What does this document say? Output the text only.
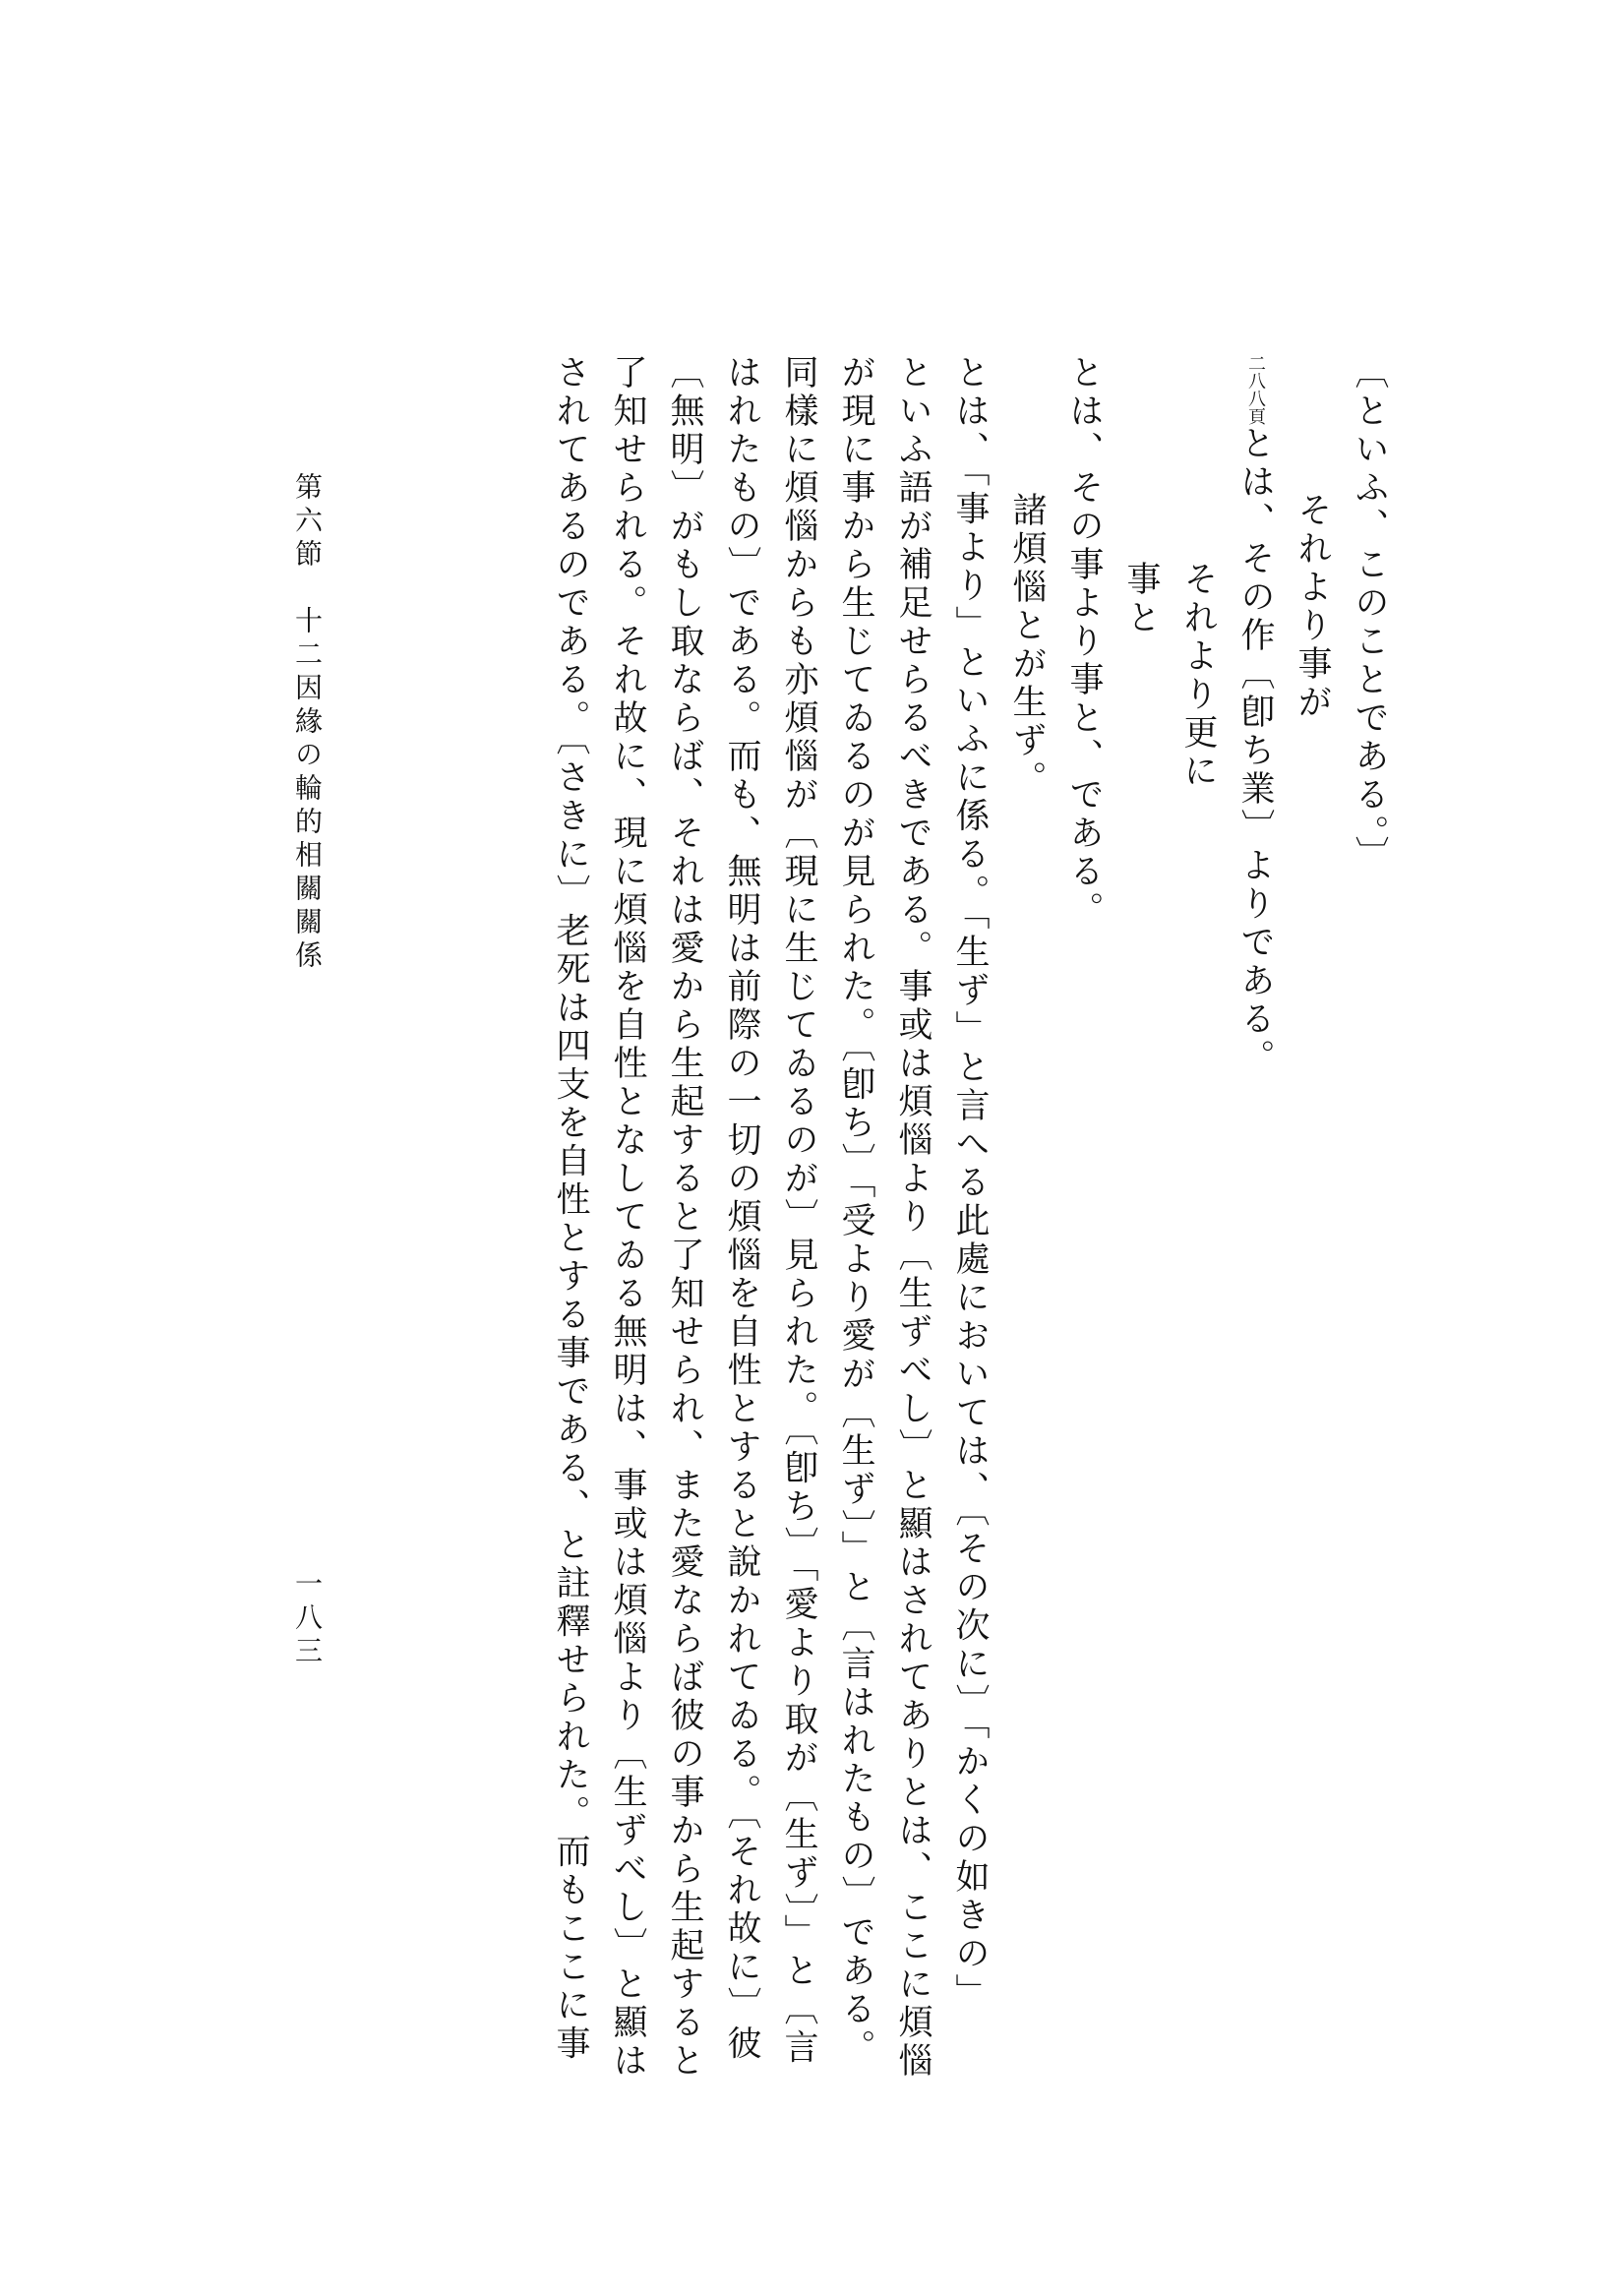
〔といふ、このことである。〕
それより事が
二八八頁とは、その作〔卽ち業〕よりである。
それより更に
事と
とは、その事より事と、である。
諸煩惱とが生ず。
とは、「事より」といふに係る。「生ず」と言へる此處においては、〔その次に〕「かくの如きの」
といふ語が補足せらるべきである。事或は煩惱より〔生ずべし〕と顯はされてありとは、ここに煩惱
が現に事から生じてゐるのが見られた。〔卽ち〕「受より愛が〔生ず〕」と〔言はれたもの〕である。
同樣に煩惱からも亦煩惱が〔現に生じてゐるのが〕見られた。〔卽ち〕「愛より取が〔生ず〕」と〔言
はれたもの〕である。而も、無明は前際の一切の煩惱を自性とすると說かれてゐる。〔それ故に〕彼
〔無明〕がもし取ならば、それは愛から生起すると了知せられ、また愛ならば彼の事から生起すると
了知せられる。それ故に、現に煩惱を自性となしてゐる無明は、事或は煩惱より〔生ずべし〕と顯は
されてあるのである。〔さきに〕老死は四支を自性とする事である、と註釋せられた。而もここに事
第六節　十二因緣の輪的相關關係
一八三
